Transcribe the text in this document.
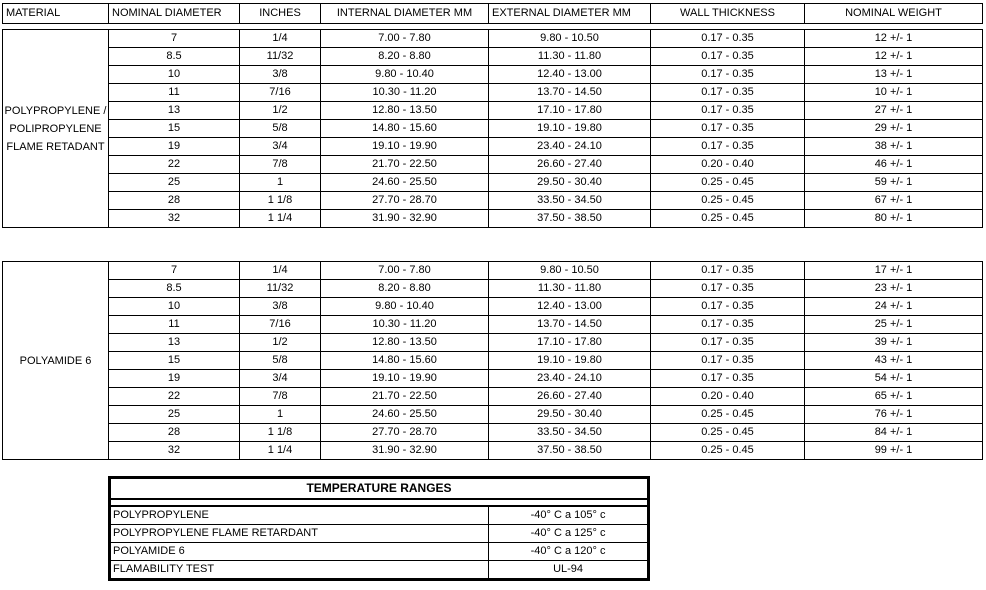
MATERIAL	NOMINAL DIAMETER	INCHES	INTERNAL DIAMETER MM	EXTERNAL DIAMETER MM	WALL THICKNESS	NOMINAL WEIGHT
POLYPROPYLENE /
POLIPROPYLENE
FLAME RETADANT	7	1/4	7.00 - 7.80	9.80 - 10.50	0.17 - 0.35	12 +/- 1
	8.5	11/32	8.20 - 8.80	11.30 - 11.80	0.17 - 0.35	12 +/- 1
	10	3/8	9.80 - 10.40	12.40 - 13.00	0.17 - 0.35	13 +/- 1
	11	7/16	10.30 - 11.20	13.70 - 14.50	0.17 - 0.35	10 +/- 1
	13	1/2	12.80 - 13.50	17.10 - 17.80	0.17 - 0.35	27 +/- 1
	15	5/8	14.80 - 15.60	19.10 - 19.80	0.17 - 0.35	29 +/- 1
	19	3/4	19.10 - 19.90	23.40 - 24.10	0.17 - 0.35	38 +/- 1
	22	7/8	21.70 - 22.50	26.60 - 27.40	0.20 - 0.40	46 +/- 1
	25	1	24.60 - 25.50	29.50 - 30.40	0.25 - 0.45	59 +/- 1
	28	1 1/8	27.70 - 28.70	33.50 - 34.50	0.25 - 0.45	67 +/- 1
	32	1 1/4	31.90 - 32.90	37.50 - 38.50	0.25 - 0.45	80 +/- 1
POLYAMIDE 6	7	1/4	7.00 - 7.80	9.80 - 10.50	0.17 - 0.35	17 +/- 1
	8.5	11/32	8.20 - 8.80	11.30 - 11.80	0.17 - 0.35	23 +/- 1
	10	3/8	9.80 - 10.40	12.40 - 13.00	0.17 - 0.35	24 +/- 1
	11	7/16	10.30 - 11.20	13.70 - 14.50	0.17 - 0.35	25 +/- 1
	13	1/2	12.80 - 13.50	17.10 - 17.80	0.17 - 0.35	39 +/- 1
	15	5/8	14.80 - 15.60	19.10 - 19.80	0.17 - 0.35	43 +/- 1
	19	3/4	19.10 - 19.90	23.40 - 24.10	0.17 - 0.35	54 +/- 1
	22	7/8	21.70 - 22.50	26.60 - 27.40	0.20 - 0.40	65 +/- 1
	25	1	24.60 - 25.50	29.50 - 30.40	0.25 - 0.45	76 +/- 1
	28	1 1/8	27.70 - 28.70	33.50 - 34.50	0.25 - 0.45	84 +/- 1
	32	1 1/4	31.90 - 32.90	37.50 - 38.50	0.25 - 0.45	99 +/- 1
TEMPERATURE RANGES	

POLYPROPYLENE	-40° C a 105° c
POLYPROPYLENE FLAME RETARDANT	-40° C a 125° c
POLYAMIDE 6	-40° C a 120° c
FLAMABILITY TEST	UL-94
